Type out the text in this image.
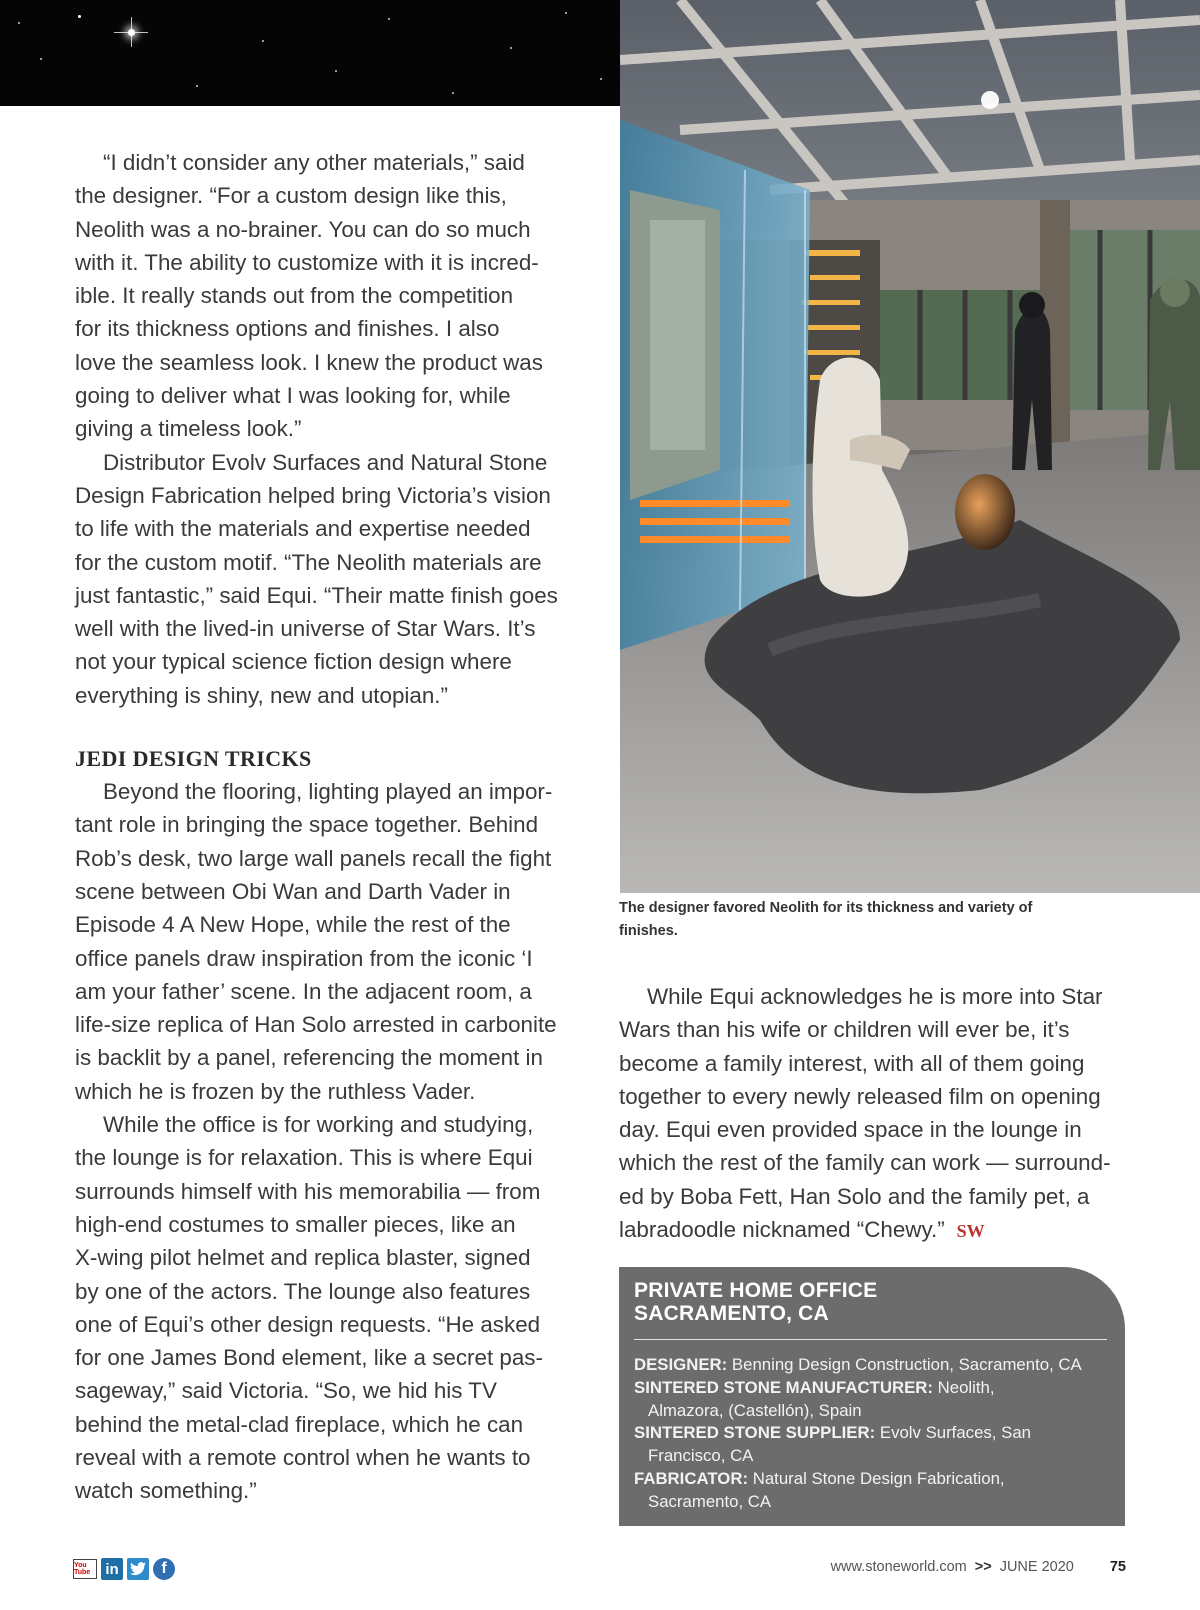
The designer favored Neolith for its thickness and variety of finishes.
“I didn’t consider any other materials,” said
the designer. “For a custom design like this,
Neolith was a no-brainer. You can do so much
with it. The ability to customize with it is incred-
ible. It really stands out from the competition
for its thickness options and finishes. I also
love the seamless look. I knew the product was
going to deliver what I was looking for, while
giving a timeless look.”
Distributor Evolv Surfaces and Natural Stone
Design Fabrication helped bring Victoria’s vision
to life with the materials and expertise needed
for the custom motif. “The Neolith materials are
just fantastic,” said Equi. “Their matte finish goes
well with the lived-in universe of Star Wars. It’s
not your typical science fiction design where
everything is shiny, new and utopian.”
JEDI DESIGN TRICKS
Beyond the flooring, lighting played an impor-
tant role in bringing the space together. Behind
Rob’s desk, two large wall panels recall the fight
scene between Obi Wan and Darth Vader in
Episode 4 A New Hope, while the rest of the
office panels draw inspiration from the iconic ‘I
am your father’ scene. In the adjacent room, a
life-size replica of Han Solo arrested in carbonite
is backlit by a panel, referencing the moment in
which he is frozen by the ruthless Vader.
While the office is for working and studying,
the lounge is for relaxation. This is where Equi
surrounds himself with his memorabilia — from
high-end costumes to smaller pieces, like an
X-wing pilot helmet and replica blaster, signed
by one of the actors. The lounge also features
one of Equi’s other design requests. “He asked
for one James Bond element, like a secret pas-
sageway,” said Victoria. “So, we hid his TV
behind the metal-clad fireplace, which he can
reveal with a remote control when he wants to
watch something.”
While Equi acknowledges he is more into Star
Wars than his wife or children will ever be, it’s
become a family interest, with all of them going
together to every newly released film on opening
day. Equi even provided space in the lounge in
which the rest of the family can work — surround-
ed by Boba Fett, Han Solo and the family pet, a
labradoodle nicknamed “Chewy.” SW
PRIVATE HOME OFFICE
SACRAMENTO, CA
DESIGNER: Benning Design Construction, Sacramento, CA
SINTERED STONE MANUFACTURER: Neolith,
Almazora, (Castellón), Spain
SINTERED STONE SUPPLIER: Evolv Surfaces, San
Francisco, CA
FABRICATOR: Natural Stone Design Fabrication,
Sacramento, CA
You Tube	in	f	www.stoneworld.com >> JUNE 2020 75
